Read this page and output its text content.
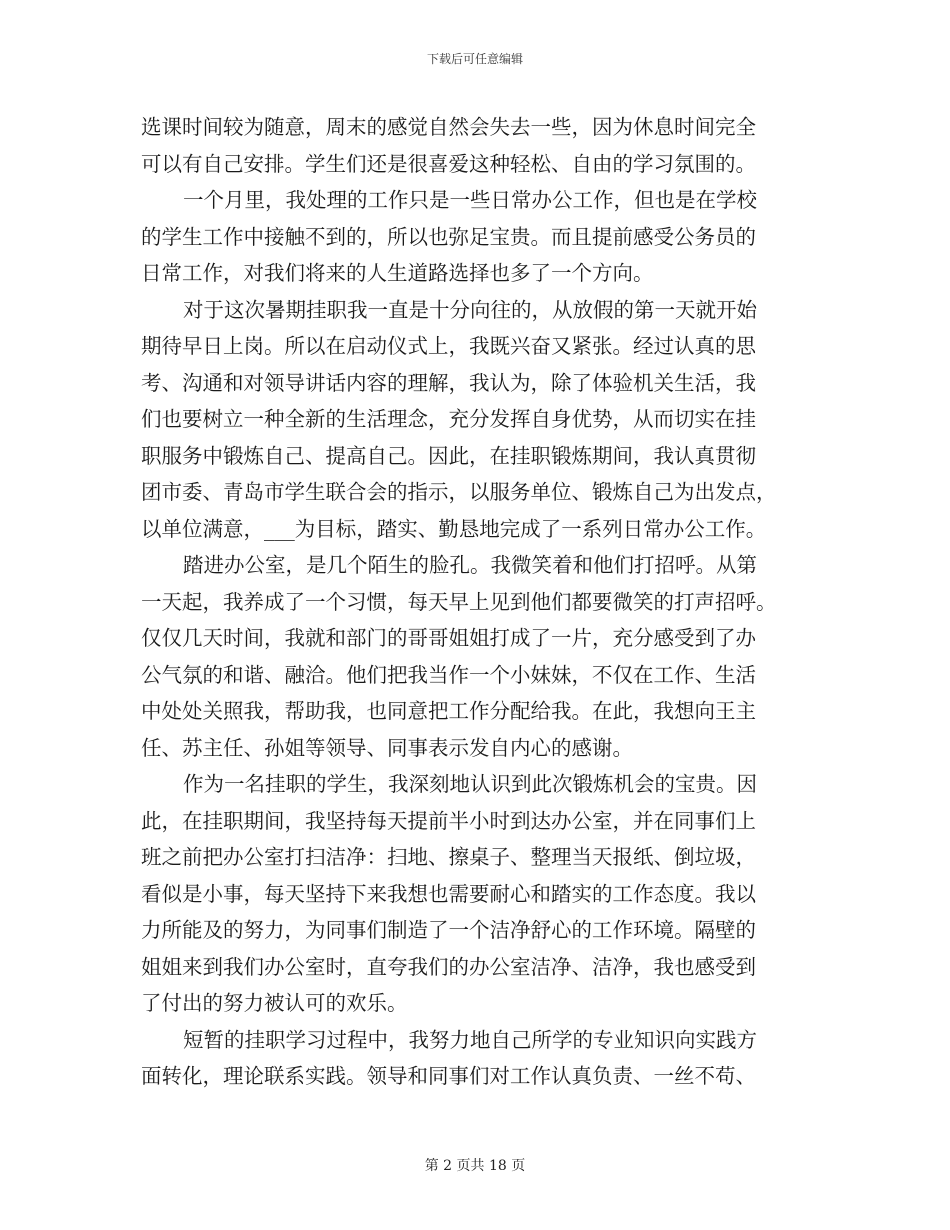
下载后可任意编辑
选课时间较为随意，周末的感觉自然会失去一些，因为休息时间完全
可以有自己安排。学生们还是很喜爱这种轻松、自由的学习氛围的。
一个月里，我处理的工作只是一些日常办公工作，但也是在学校
的学生工作中接触不到的，所以也弥足宝贵。而且提前感受公务员的
日常工作，对我们将来的人生道路选择也多了一个方向。
对于这次暑期挂职我一直是十分向往的，从放假的第一天就开始
期待早日上岗。所以在启动仪式上，我既兴奋又紧张。经过认真的思
考、沟通和对领导讲话内容的理解，我认为，除了体验机关生活，我
们也要树立一种全新的生活理念，充分发挥自身优势，从而切实在挂
职服务中锻炼自己、提高自己。因此，在挂职锻炼期间，我认真贯彻
团市委、青岛市学生联合会的指示，以服务单位、锻炼自己为出发点，
以单位满意，___为目标，踏实、勤恳地完成了一系列日常办公工作。
踏进办公室，是几个陌生的脸孔。我微笑着和他们打招呼。从第
一天起，我养成了一个习惯，每天早上见到他们都要微笑的打声招呼。
仅仅几天时间，我就和部门的哥哥姐姐打成了一片，充分感受到了办
公气氛的和谐、融洽。他们把我当作一个小妹妹，不仅在工作、生活
中处处关照我，帮助我，也同意把工作分配给我。在此，我想向王主
任、苏主任、孙姐等领导、同事表示发自内心的感谢。
作为一名挂职的学生，我深刻地认识到此次锻炼机会的宝贵。因
此，在挂职期间，我坚持每天提前半小时到达办公室，并在同事们上
班之前把办公室打扫洁净：扫地、擦桌子、整理当天报纸、倒垃圾，
看似是小事，每天坚持下来我想也需要耐心和踏实的工作态度。我以
力所能及的努力，为同事们制造了一个洁净舒心的工作环境。隔壁的
姐姐来到我们办公室时，直夸我们的办公室洁净、洁净，我也感受到
了付出的努力被认可的欢乐。
短暂的挂职学习过程中，我努力地自己所学的专业知识向实践方
面转化，理论联系实践。领导和同事们对工作认真负责、一丝不苟、
第 2 页共 18 页
